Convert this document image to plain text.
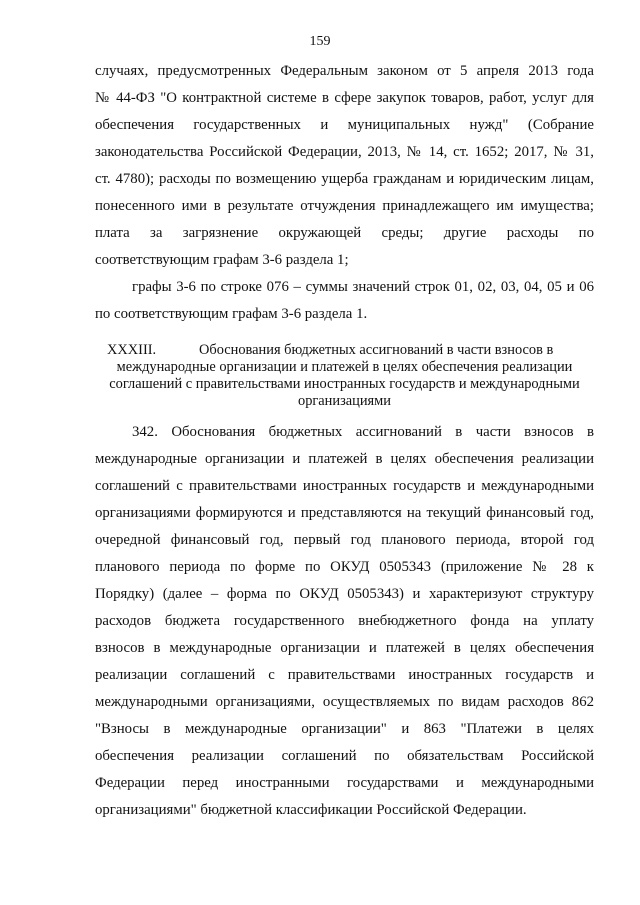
159
случаях, предусмотренных Федеральным законом от 5 апреля 2013 года
№ 44-ФЗ "О контрактной системе в сфере закупок товаров, работ, услуг для
обеспечения государственных и муниципальных нужд" (Собрание
законодательства Российской Федерации, 2013, № 14, ст. 1652; 2017, № 31,
ст. 4780); расходы по возмещению ущерба гражданам и юридическим лицам,
понесенного ими в результате отчуждения принадлежащего им имущества;
плата за загрязнение окружающей среды; другие расходы по
соответствующим графам 3-6 раздела 1;
графы 3-6 по строке 076 – суммы значений строк 01, 02, 03, 04, 05 и 06
по соответствующим графам 3-6 раздела 1.
XXXIII.	Обоснования бюджетных ассигнований в части взносов в
международные организации и платежей в целях обеспечения реализации
соглашений с правительствами иностранных государств и международными
организациями
342. Обоснования бюджетных ассигнований в части взносов в
международные организации и платежей в целях обеспечения реализации
соглашений с правительствами иностранных государств и международными
организациями формируются и представляются на текущий финансовый год,
очередной финансовый год, первый год планового периода, второй год
планового периода по форме по ОКУД 0505343 (приложение № 28 к
Порядку) (далее – форма по ОКУД 0505343) и характеризуют структуру
расходов бюджета государственного внебюджетного фонда на уплату
взносов в международные организации и платежей в целях обеспечения
реализации соглашений с правительствами иностранных государств и
международными организациями, осуществляемых по видам расходов 862
"Взносы в международные организации" и 863 "Платежи в целях
обеспечения реализации соглашений по обязательствам Российской
Федерации перед иностранными государствами и международными
организациями" бюджетной классификации Российской Федерации.
